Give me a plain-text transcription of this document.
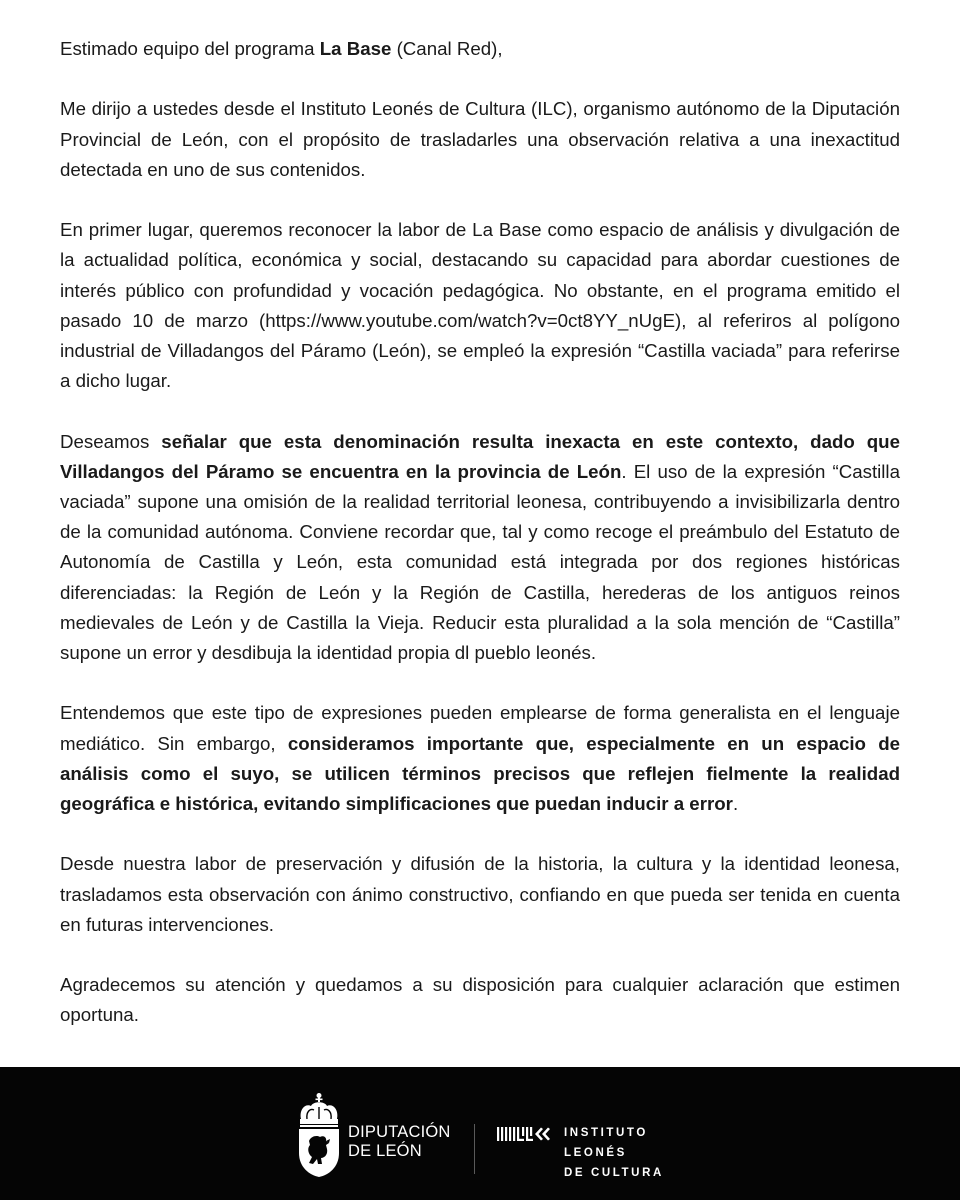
Estimado equipo del programa La Base (Canal Red),

Me dirijo a ustedes desde el Instituto Leonés de Cultura (ILC), organismo autónomo de la Diputación Provincial de León, con el propósito de trasladarles una observación relativa a una inexactitud detectada en uno de sus contenidos.

En primer lugar, queremos reconocer la labor de La Base como espacio de análisis y divulgación de la actualidad política, económica y social, destacando su capacidad para abordar cuestiones de interés público con profundidad y vocación pedagógica. No obstante, en el programa emitido el pasado 10 de marzo (https://www.youtube.com/watch?v=0ct8YY_nUgE), al referiros al polígono industrial de Villadangos del Páramo (León), se empleó la expresión “Castilla vaciada” para referirse a dicho lugar.

Deseamos señalar que esta denominación resulta inexacta en este contexto, dado que Villadangos del Páramo se encuentra en la provincia de León. El uso de la expresión “Castilla vaciada” supone una omisión de la realidad territorial leonesa, contribuyendo a invisibilizarla dentro de la comunidad autónoma. Conviene recordar que, tal y como recoge el preámbulo del Estatuto de Autonomía de Castilla y León, esta comunidad está integrada por dos regiones históricas diferenciadas: la Región de León y la Región de Castilla, herederas de los antiguos reinos medievales de León y de Castilla la Vieja. Reducir esta pluralidad a la sola mención de “Castilla” supone un error y desdibuja la identidad propia dl pueblo leonés.

Entendemos que este tipo de expresiones pueden emplearse de forma generalista en el lenguaje mediático. Sin embargo, consideramos importante que, especialmente en un espacio de análisis como el suyo, se utilicen términos precisos que reflejen fielmente la realidad geográfica e histórica, evitando simplificaciones que puedan inducir a error.

Desde nuestra labor de preservación y difusión de la historia, la cultura y la identidad leonesa, trasladamos esta observación con ánimo constructivo, confiando en que pueda ser tenida en cuenta en futuras intervenciones.

Agradecemos su atención y quedamos a su disposición para cualquier aclaración que estimen oportuna.

DIPUTACIÓN
DE LEÓN
INSTITUTO
LEONÉS
DE CULTURA
